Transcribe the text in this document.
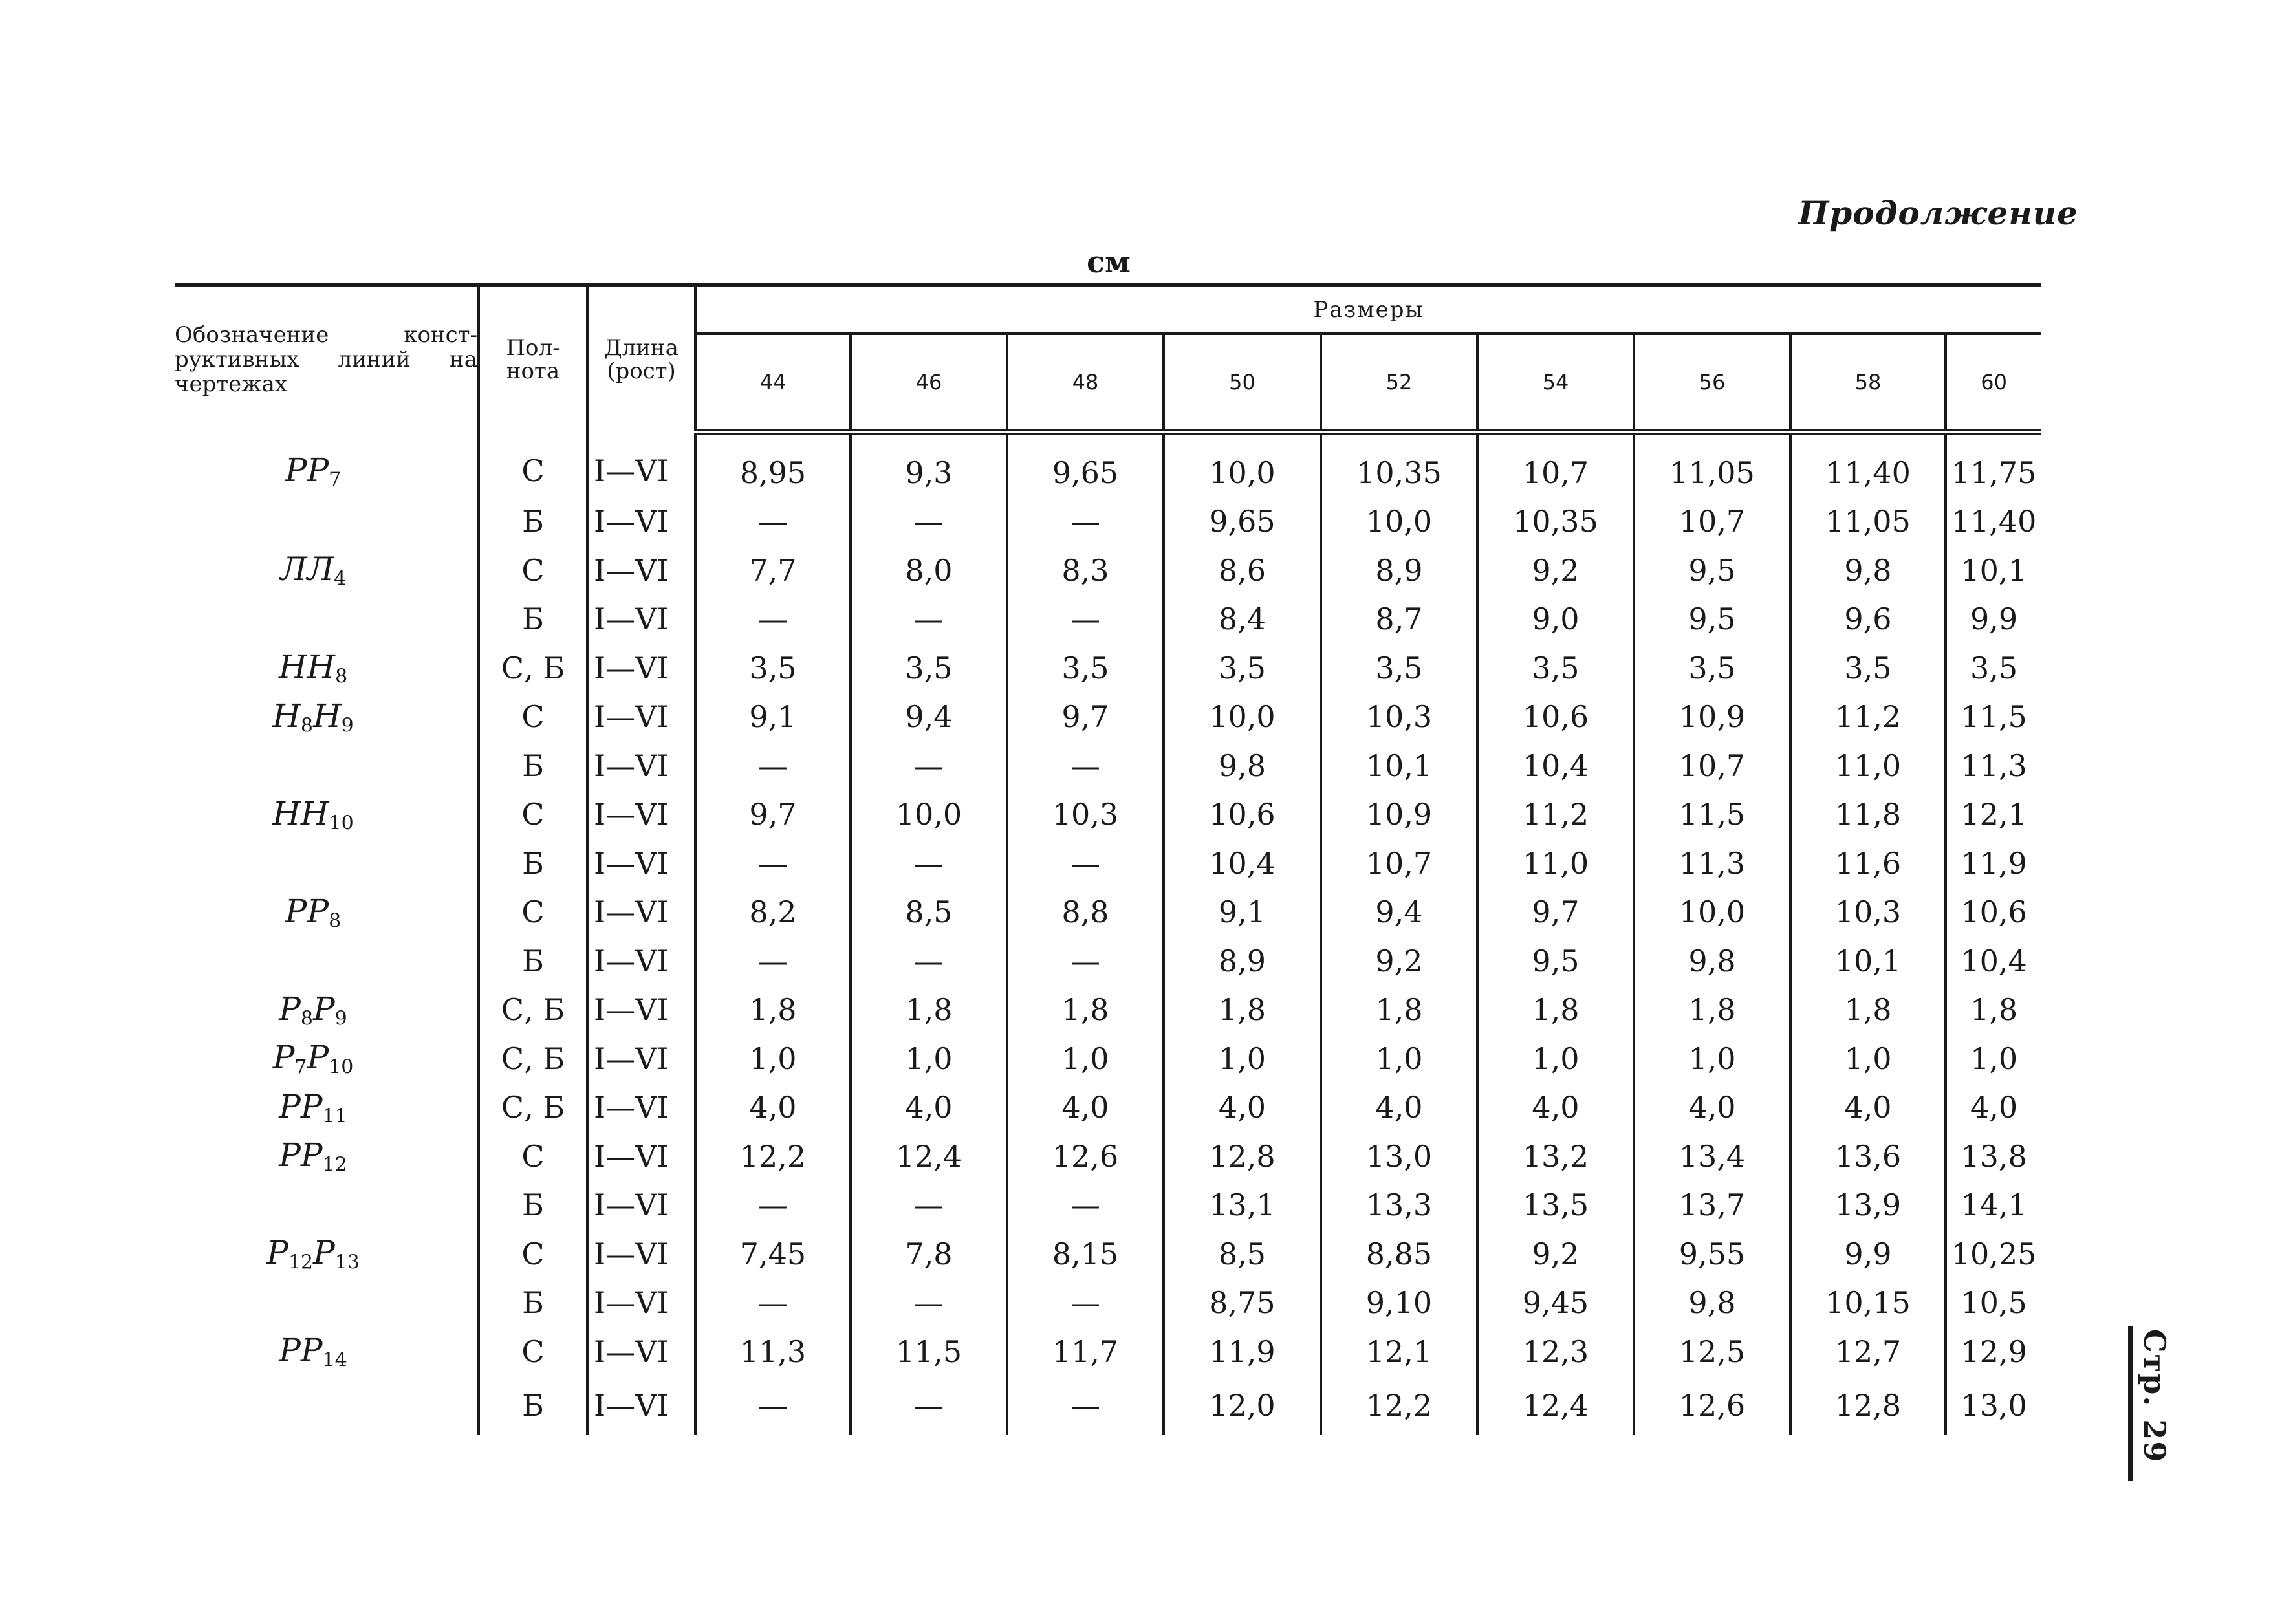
Продолжение
см
Стр. 29
Обозначение конст-руктивных линий на чертежах	Пол-нота	Длина (рост)	Размеры								
			44	46	48	50	52	54	56	58	60
$PP_7$	С	I—VI	8,95	9,3	9,65	10,0	10,35	10,7	11,05	11,40	11,75
	Б	I—VI	—	—	—	9,65	10,0	10,35	10,7	11,05	11,40
$ЛЛ_4$	С	I—VI	7,7	8,0	8,3	8,6	8,9	9,2	9,5	9,8	10,1
	Б	I—VI	—	—	—	8,4	8,7	9,0	9,5	9,6	9,9
$НН_8$	С, Б	I—VI	3,5	3,5	3,5	3,5	3,5	3,5	3,5	3,5	3,5
$Н_8Н_9$	С	I—VI	9,1	9,4	9,7	10,0	10,3	10,6	10,9	11,2	11,5
	Б	I—VI	—	—	—	9,8	10,1	10,4	10,7	11,0	11,3
$НН_{10}$	С	I—VI	9,7	10,0	10,3	10,6	10,9	11,2	11,5	11,8	12,1
	Б	I—VI	—	—	—	10,4	10,7	11,0	11,3	11,6	11,9
$PP_8$	С	I—VI	8,2	8,5	8,8	9,1	9,4	9,7	10,0	10,3	10,6
	Б	I—VI	—	—	—	8,9	9,2	9,5	9,8	10,1	10,4
$P_8P_9$	С, Б	I—VI	1,8	1,8	1,8	1,8	1,8	1,8	1,8	1,8	1,8
$P_7P_{10}$	С, Б	I—VI	1,0	1,0	1,0	1,0	1,0	1,0	1,0	1,0	1,0
$PP_{11}$	С, Б	I—VI	4,0	4,0	4,0	4,0	4,0	4,0	4,0	4,0	4,0
$PP_{12}$	С	I—VI	12,2	12,4	12,6	12,8	13,0	13,2	13,4	13,6	13,8
	Б	I—VI	—	—	—	13,1	13,3	13,5	13,7	13,9	14,1
$P_{12}P_{13}$	С	I—VI	7,45	7,8	8,15	8,5	8,85	9,2	9,55	9,9	10,25
	Б	I—VI	—	—	—	8,75	9,10	9,45	9,8	10,15	10,5
$PP_{14}$	С	I—VI	11,3	11,5	11,7	11,9	12,1	12,3	12,5	12,7	12,9
	Б	I—VI	—	—	—	12,0	12,2	12,4	12,6	12,8	13,0
